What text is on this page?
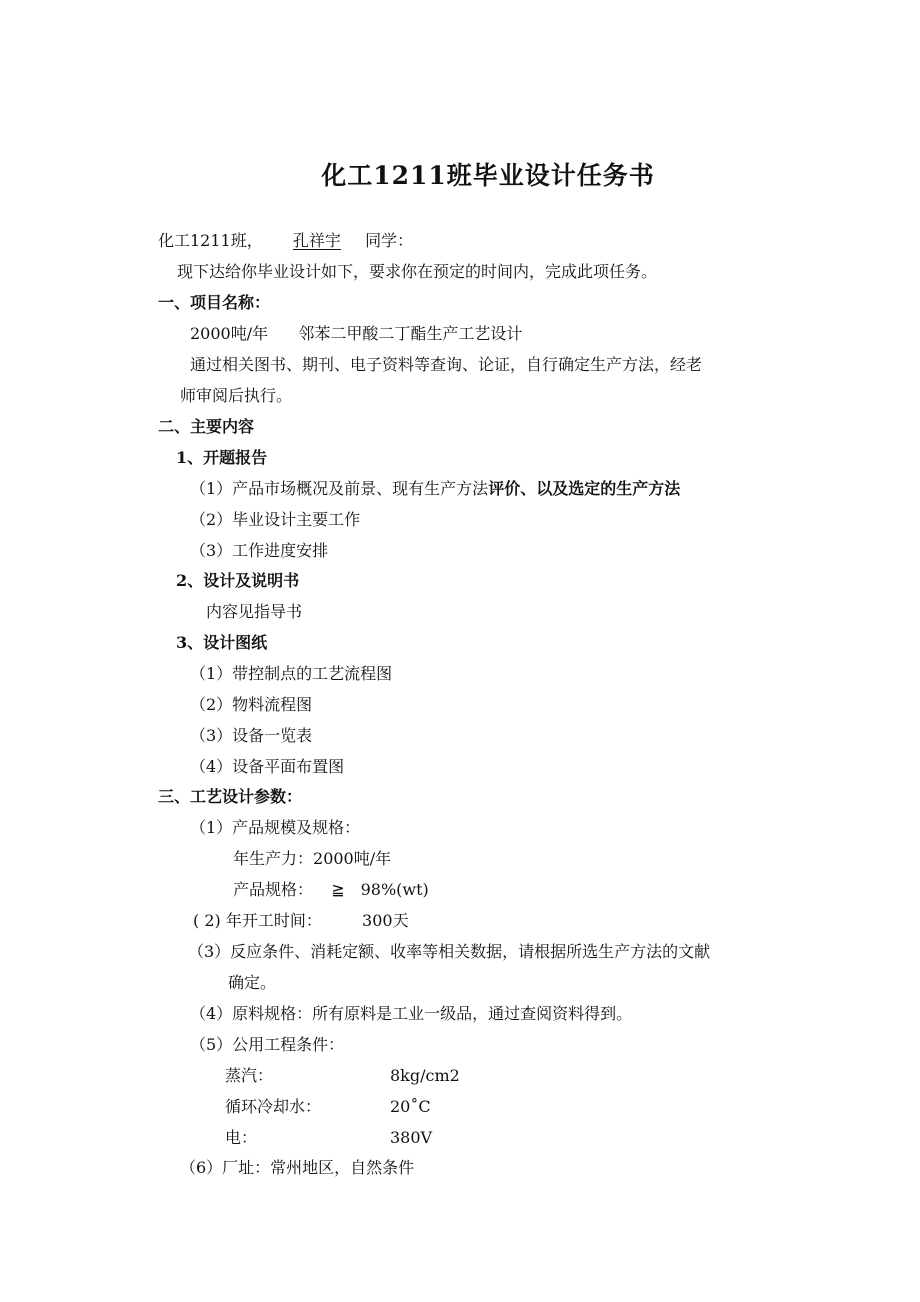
化工1211班毕业设计任务书
化工1211班， 孔祥宇 同学：
现下达给你毕业设计如下，要求你在预定的时间内，完成此项任务。
一、项目名称：
2000吨/年 邻苯二甲酸二丁酯生产工艺设计
通过相关图书、期刊、电子资料等查询、论证，自行确定生产方法，经老
师审阅后执行。
二、主要内容
1、开题报告
（1）产品市场概况及前景、现有生产方法评价、以及选定的生产方法
（2）毕业设计主要工作
（3）工作进度安排
2、设计及说明书
内容见指导书
3、设计图纸
（1）带控制点的工艺流程图
（2）物料流程图
（3）设备一览表
（4）设备平面布置图
三、工艺设计参数：
（1）产品规模及规格：
年生产力：2000吨/年
产品规格： ≧　98%(wt)
( 2) 年开工时间：	300天
（3）反应条件、消耗定额、收率等相关数据，请根据所选生产方法的文献
确定。
（4）原料规格：所有原料是工业一级品，通过查阅资料得到。
（5）公用工程条件：
蒸汽：	8kg/cm2
循环冷却水：	20˚C
电：	380V
（6）厂址：常州地区，自然条件
